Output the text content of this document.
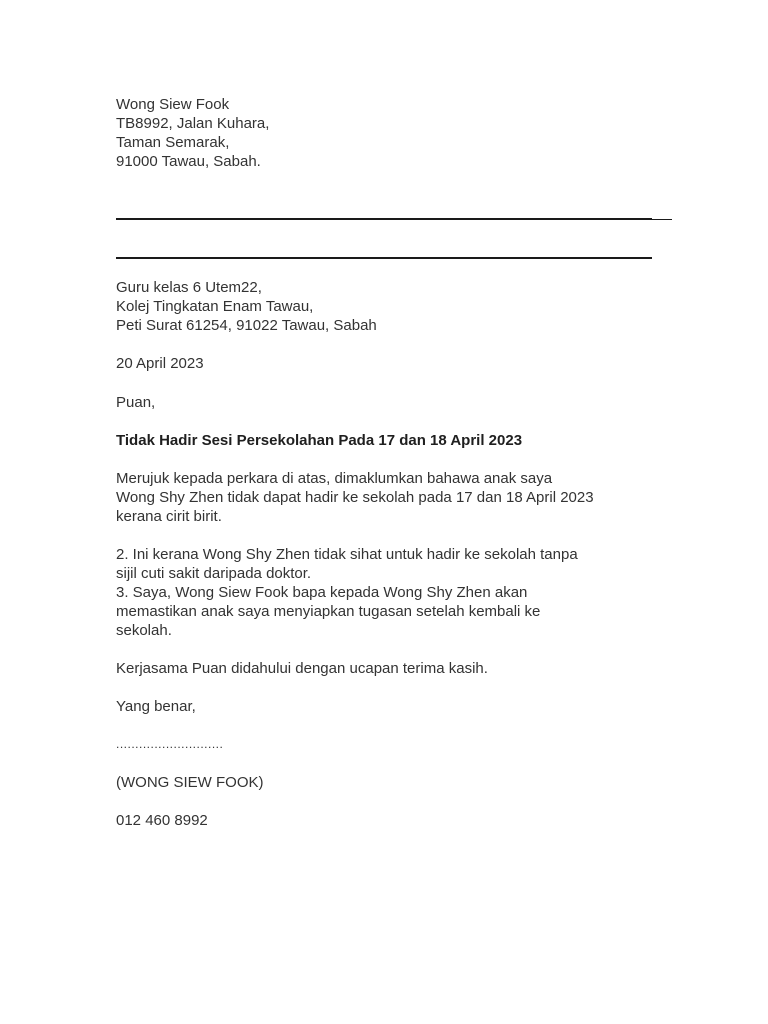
Wong Siew Fook
TB8992, Jalan Kuhara,
Taman Semarak,
91000 Tawau, Sabah.
Guru kelas 6 Utem22,
Kolej Tingkatan Enam Tawau,
Peti Surat 61254, 91022 Tawau, Sabah
20 April 2023
Puan,
Tidak Hadir Sesi Persekolahan Pada 17 dan 18 April 2023
Merujuk kepada perkara di atas, dimaklumkan bahawa anak saya
Wong Shy Zhen tidak dapat hadir ke sekolah pada 17 dan 18 April 2023
kerana cirit birit.
2. Ini kerana Wong Shy Zhen tidak sihat untuk hadir ke sekolah tanpa
sijil cuti sakit daripada doktor.
3. Saya, Wong Siew Fook bapa kepada Wong Shy Zhen akan
memastikan anak saya menyiapkan tugasan setelah kembali ke
sekolah.
Kerjasama Puan didahului dengan ucapan terima kasih.
Yang benar,
............................
(WONG SIEW FOOK)
012 460 8992
